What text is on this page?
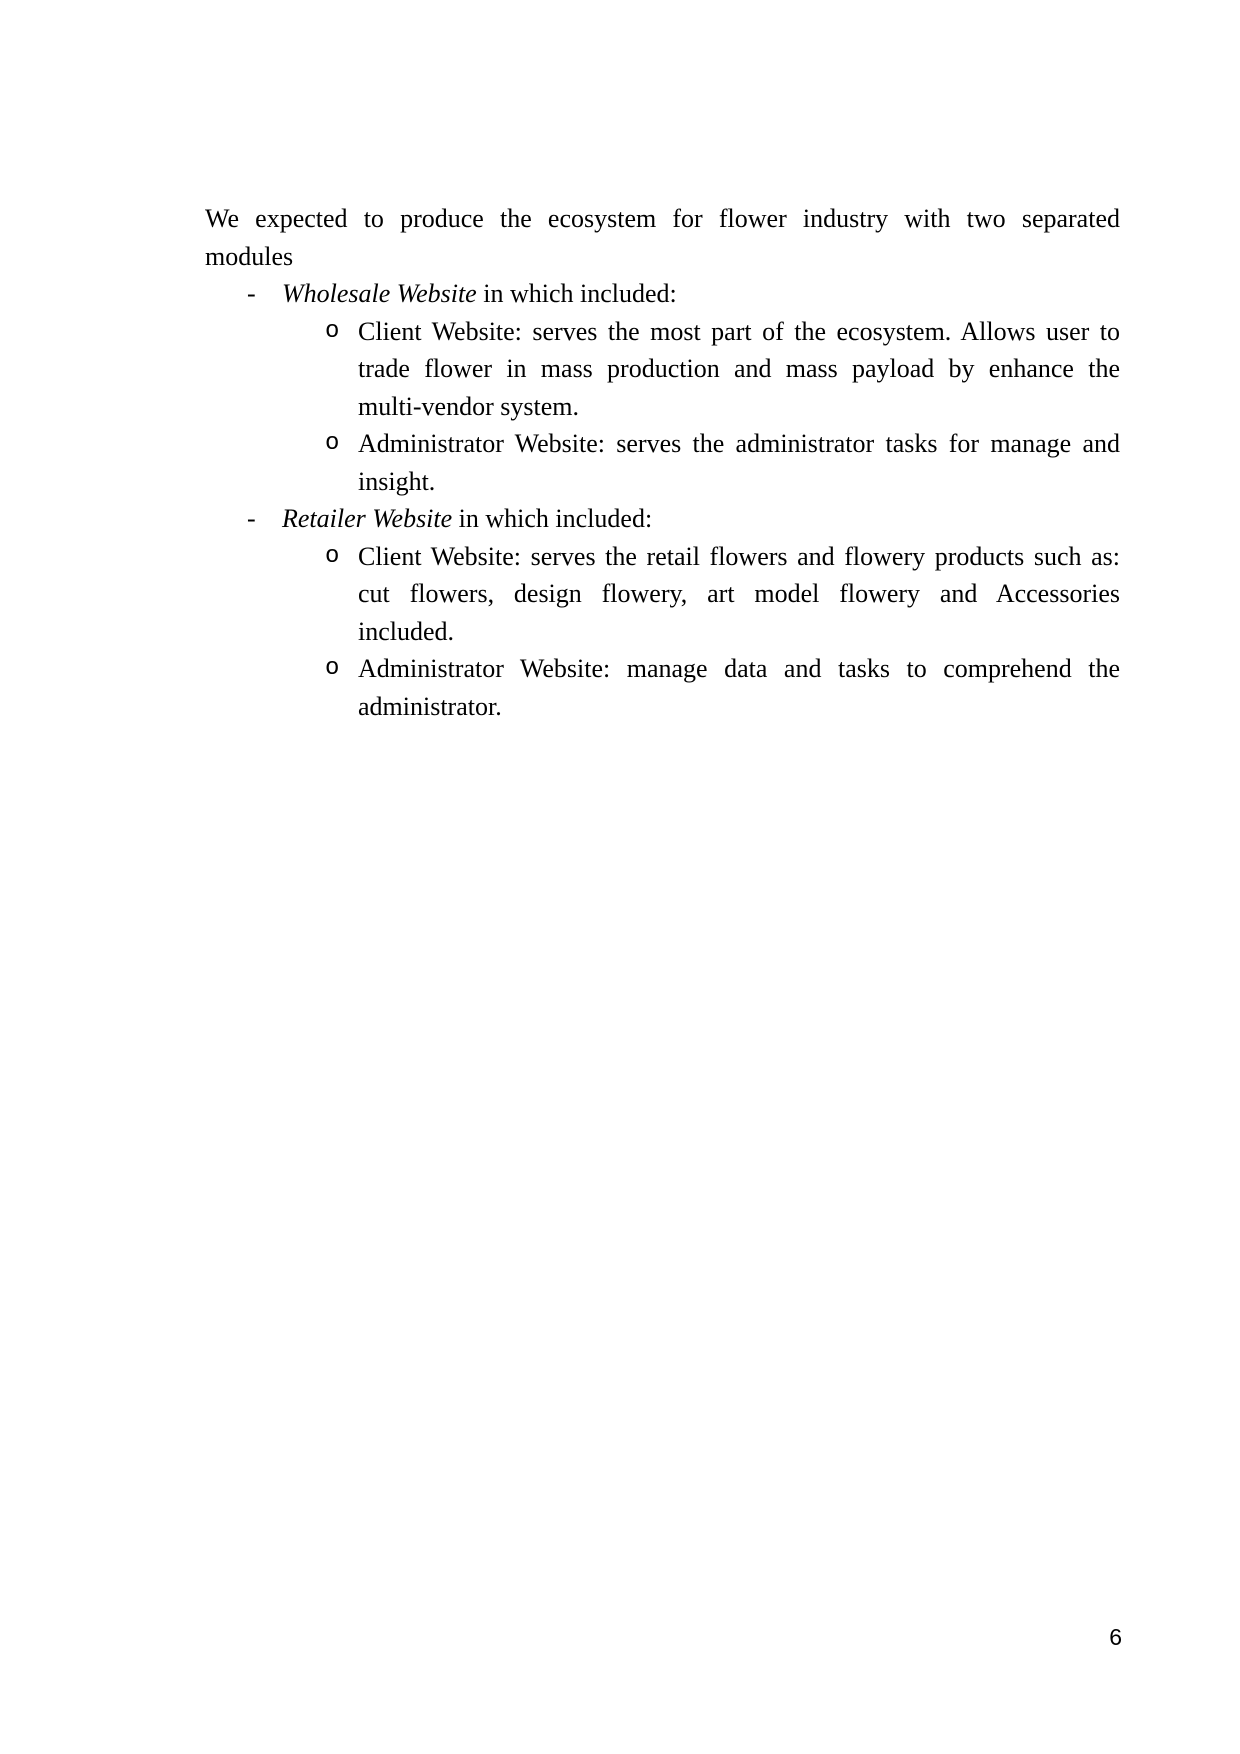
We expected to produce the ecosystem for flower industry with two separated
modules
- Wholesale Website in which included:
o Client Website: serves the most part of the ecosystem. Allows user to
trade flower in mass production and mass payload by enhance the
multi-vendor system.
o Administrator Website: serves the administrator tasks for manage and
insight.
- Retailer Website in which included:
o Client Website: serves the retail flowers and flowery products such as:
cut flowers, design flowery, art model flowery and Accessories
included.
o Administrator Website: manage data and tasks to comprehend the
administrator.
6
